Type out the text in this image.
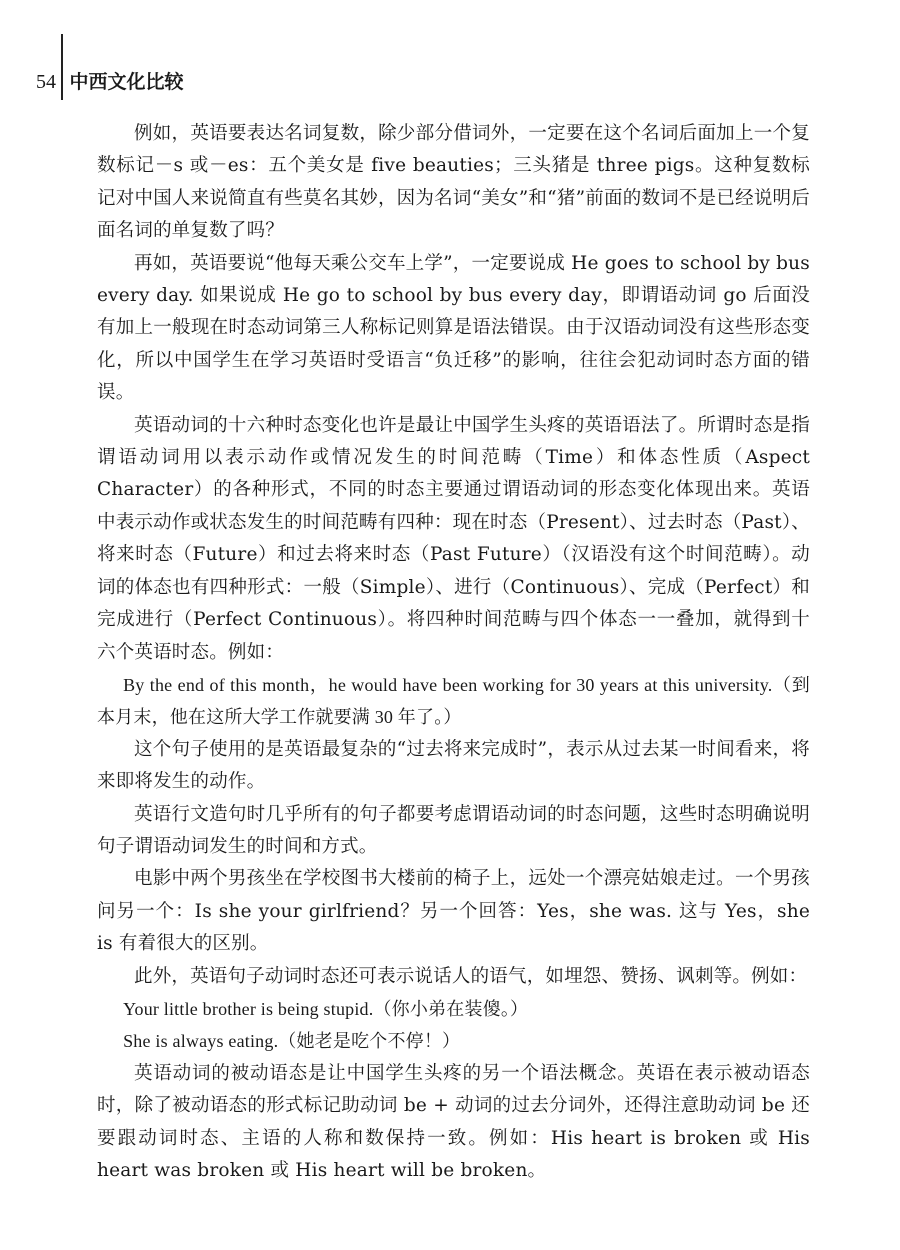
54 中西文化比较

例如，英语要表达名词复数，除少部分借词外，一定要在这个名词后面加上一个复数标记－s 或－es：五个美女是 five beauties；三头猪是 three pigs。这种复数标记对中国人来说简直有些莫名其妙，因为名词“美女”和“猪”前面的数词不是已经说明后面名词的单复数了吗？

再如，英语要说“他每天乘公交车上学”，一定要说成 He goes to school by bus every day. 如果说成 He go to school by bus every day，即谓语动词 go 后面没有加上一般现在时态动词第三人称标记则算是语法错误。由于汉语动词没有这些形态变化，所以中国学生在学习英语时受语言“负迁移”的影响，往往会犯动词时态方面的错误。

英语动词的十六种时态变化也许是最让中国学生头疼的英语语法了。所谓时态是指谓语动词用以表示动作或情况发生的时间范畴（Time）和体态性质（Aspect Character）的各种形式，不同的时态主要通过谓语动词的形态变化体现出来。英语中表示动作或状态发生的时间范畴有四种：现在时态（Present）、过去时态（Past）、将来时态（Future）和过去将来时态（Past Future）（汉语没有这个时间范畴）。动词的体态也有四种形式：一般（Simple）、进行（Continuous）、完成（Perfect）和完成进行（Perfect Continuous）。将四种时间范畴与四个体态一一叠加，就得到十六个英语时态。例如：

By the end of this month，he would have been working for 30 years at this university.（到本月末，他在这所大学工作就要满 30 年了。）

这个句子使用的是英语最复杂的“过去将来完成时”，表示从过去某一时间看来，将来即将发生的动作。

英语行文造句时几乎所有的句子都要考虑谓语动词的时态问题，这些时态明确说明句子谓语动词发生的时间和方式。

电影中两个男孩坐在学校图书大楼前的椅子上，远处一个漂亮姑娘走过。一个男孩问另一个：Is she your girlfriend？另一个回答：Yes，she was. 这与 Yes，she is 有着很大的区别。

此外，英语句子动词时态还可表示说话人的语气，如埋怨、赞扬、讽刺等。例如：

Your little brother is being stupid.（你小弟在装傻。）

She is always eating.（她老是吃个不停！）

英语动词的被动语态是让中国学生头疼的另一个语法概念。英语在表示被动语态时，除了被动语态的形式标记助动词 be + 动词的过去分词外，还得注意助动词 be 还要跟动词时态、主语的人称和数保持一致。例如：His heart is broken 或 His heart was broken 或 His heart will be broken。
